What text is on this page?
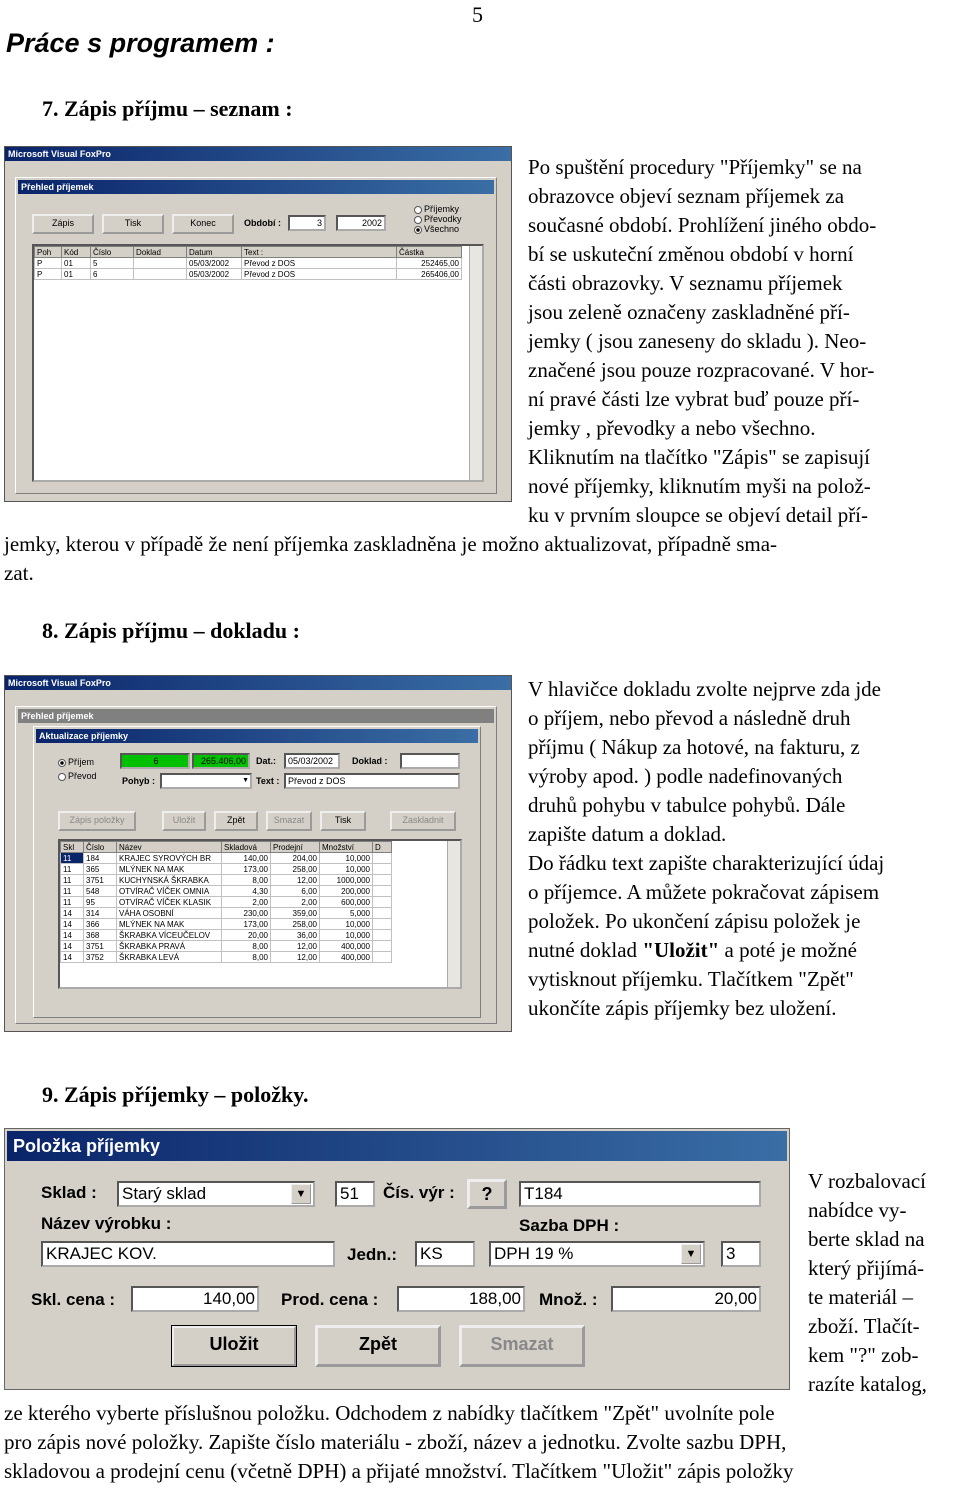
5
Práce s programem :
7. Zápis příjmu – seznam :
Microsoft Visual FoxPro
Přehled příjemek
Zápis	Tisk	Konec	Období :	3	2002
Příjemky
Převodky
Všechno
Poh	Kód	Číslo	Doklad	Datum	Text :	Částka
P	01	5		05/03/2002	Převod z DOS	252465,00
P	01	6		05/03/2002	Převod z DOS	265406,00
Po spuštění procedury "Příjemky" se na
obrazovce objeví seznam příjemek za
současné období. Prohlížení jiného obdo-
bí se uskuteční změnou období v horní
části obrazovky. V seznamu příjemek
jsou zeleně označeny zaskladněné pří-
jemky ( jsou zaneseny do skladu ). Neo-
značené jsou pouze rozpracované. V hor-
ní pravé části lze vybrat buď pouze pří-
jemky , převodky a nebo všechno.
Kliknutím na tlačítko "Zápis" se zapisují
nové příjemky, kliknutím myši na polož-
ku v prvním sloupce se objeví detail pří-
jemky, kterou v případě že není příjemka zaskladněna je možno aktualizovat, případně sma-
zat.
8. Zápis příjmu – dokladu :
Microsoft Visual FoxPro
Přehled příjemek
Aktualizace příjemky
Příjem
Převod
6	265.406,00	Dat.:	05/03/2002	Doklad :
Pohyb :	▼ Text : Převod z DOS
Zápis položky	Uložit	Zpět	Smazat	Tisk	Zaskladnit
Skl	Číslo	Název	Skladová	Prodejní	Množství	D
11	184	KRAJEC SYROVÝCH BR	140,00	204,00	10,000	
11	365	MLÝNEK NA MAK	173,00	258,00	10,000	
11	3751	KUCHYNSKÁ ŠKRABKA	8,00	12,00	1000,000	
11	548	OTVÍRAČ VÍČEK OMNIA	4,30	6,00	200,000	
11	95	OTVÍRAČ VÍČEK KLASIK	2,00	2,00	600,000	
14	314	VÁHA OSOBNÍ	230,00	359,00	5,000	
14	366	MLÝNEK NA MAK	173,00	258,00	10,000	
14	368	ŠKRABKA VÍCEUČELOV	20,00	36,00	10,000	
14	3751	ŠKRABKA PRAVÁ	8,00	12,00	400,000	
14	3752	ŠKRABKA LEVÁ	8,00	12,00	400,000	
V hlavičce dokladu zvolte nejprve zda jde
o příjem, nebo převod a následně druh
příjmu ( Nákup za hotové, na fakturu, z
výroby apod. ) podle nadefinovaných
druhů pohybu v tabulce pohybů. Dále
zapište datum a doklad.
Do řádku text zapište charakterizující údaj
o příjemce. A můžete pokračovat zápisem
položek. Po ukončení zápisu položek je
nutné doklad "Uložit" a poté je možné
vytisknout příjemku. Tlačítkem "Zpět"
ukončíte zápis příjemky bez uložení.
9. Zápis příjemky – položky.
Položka příjemky
Sklad : Starý sklad	▼ 51	Čís. výr :	?	T184
Název výrobku :	Sazba DPH :
KRAJEC KOV.	Jedn.: KS	DPH 19 %	▼ 3
Skl. cena :	140,00 Prod. cena :	188,00 Množ. :	20,00
Uložit	Zpět	Smazat
V rozbalovací
nabídce vy-
berte sklad na
který přijímá-
te materiál –
zboží. Tlačít-
kem "?" zob-
razíte katalog,
ze kterého vyberte příslušnou položku. Odchodem z nabídky tlačítkem "Zpět" uvolníte pole
pro zápis nové položky. Zapište číslo materiálu - zboží, název a jednotku. Zvolte sazbu DPH,
skladovou a prodejní cenu (včetně DPH) a přijaté množství. Tlačítkem "Uložit" zápis položky
